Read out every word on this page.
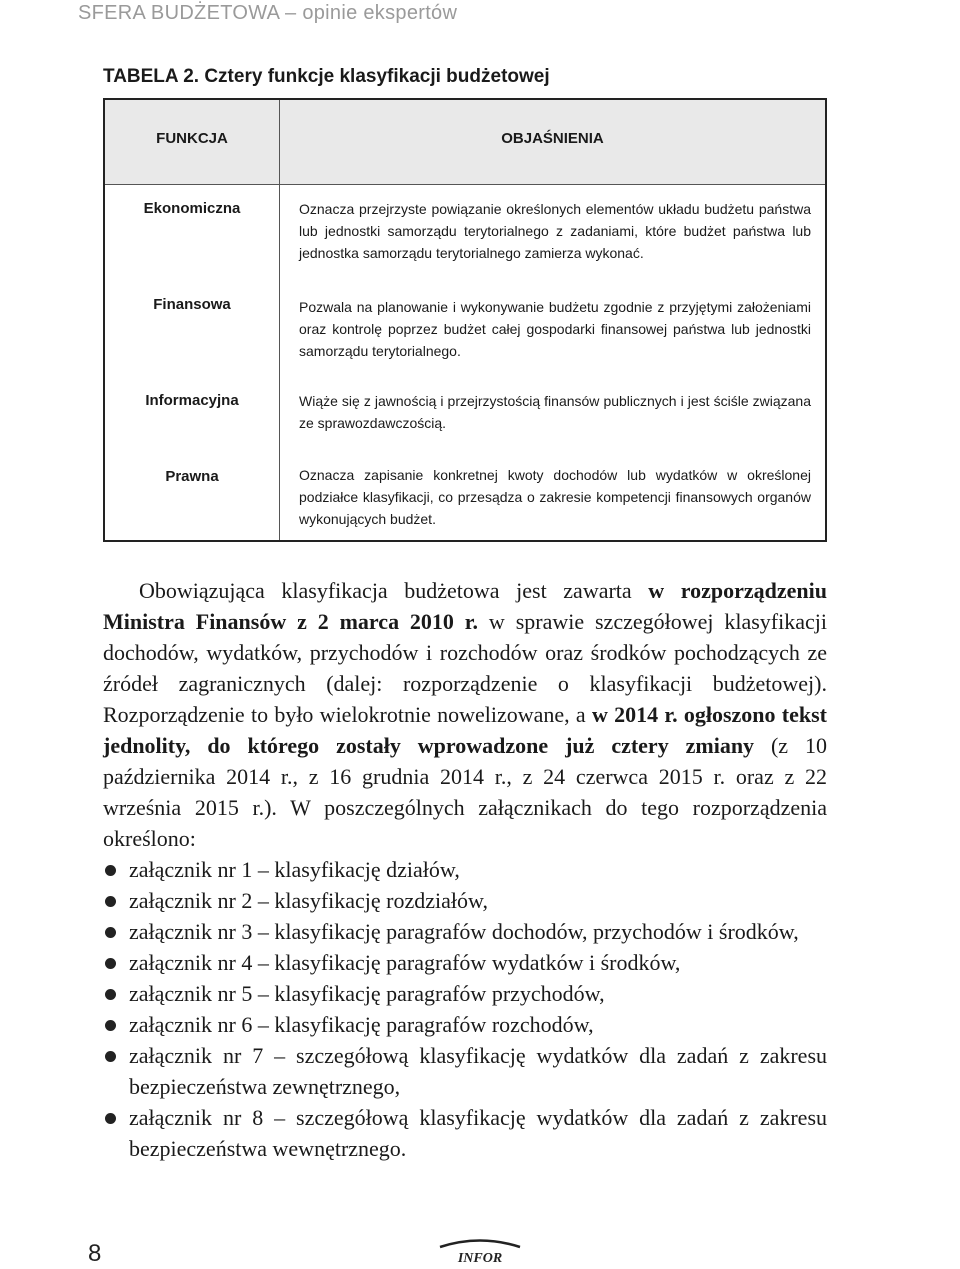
SFERA BUDŻETOWA – opinie ekspertów
TABELA 2. Cztery funkcje klasyfikacji budżetowej
FUNKCJA	OBJAŚNIENIA
Ekonomiczna	Oznacza przejrzyste powiązanie określonych elementów układu budżetu państwa lub jednostki samorządu terytorialnego z zadaniami, które budżet państwa lub jednostka samorządu terytorialnego zamierza wykonać.
Finansowa	Pozwala na planowanie i wykonywanie budżetu zgodnie z przyjętymi założeniami oraz kontrolę poprzez budżet całej gospodarki finansowej państwa lub jednostki samorządu terytorialnego.
Informacyjna	Wiąże się z jawnością i przejrzystością finansów publicznych i jest ściśle związana ze sprawozdawczością.
Prawna	Oznacza zapisanie konkretnej kwoty dochodów lub wydatków w określonej podziałce klasyfikacji, co przesądza o zakresie kompetencji finansowych organów wykonujących budżet.

Obowiązująca klasyfikacja budżetowa jest zawarta w rozporządzeniu Ministra Finansów z 2 marca 2010 r. w sprawie szczegółowej klasyfikacji dochodów, wydatków, przychodów i rozchodów oraz środków pochodzących ze źródeł zagranicznych (dalej: rozporządzenie o klasyfikacji budżetowej). Rozporządzenie to było wielokrotnie nowelizowane, a w 2014 r. ogłoszono tekst jednolity, do którego zostały wprowadzone już cztery zmiany (z 10 października 2014 r., z 16 grudnia 2014 r., z 24 czerwca 2015 r. oraz z 22 września 2015 r.). W poszczególnych załącznikach do tego rozporządzenia określono:

załącznik nr 1 – klasyfikację działów,
załącznik nr 2 – klasyfikację rozdziałów,
załącznik nr 3 – klasyfikację paragrafów dochodów, przychodów i środków,
załącznik nr 4 – klasyfikację paragrafów wydatków i środków,
załącznik nr 5 – klasyfikację paragrafów przychodów,
załącznik nr 6 – klasyfikację paragrafów rozchodów,
załącznik nr 7 – szczegółową klasyfikację wydatków dla zadań z zakresu bezpieczeństwa zewnętrznego,
załącznik nr 8 – szczegółową klasyfikację wydatków dla zadań z zakresu bezpieczeństwa wewnętrznego.
8	INFOR
